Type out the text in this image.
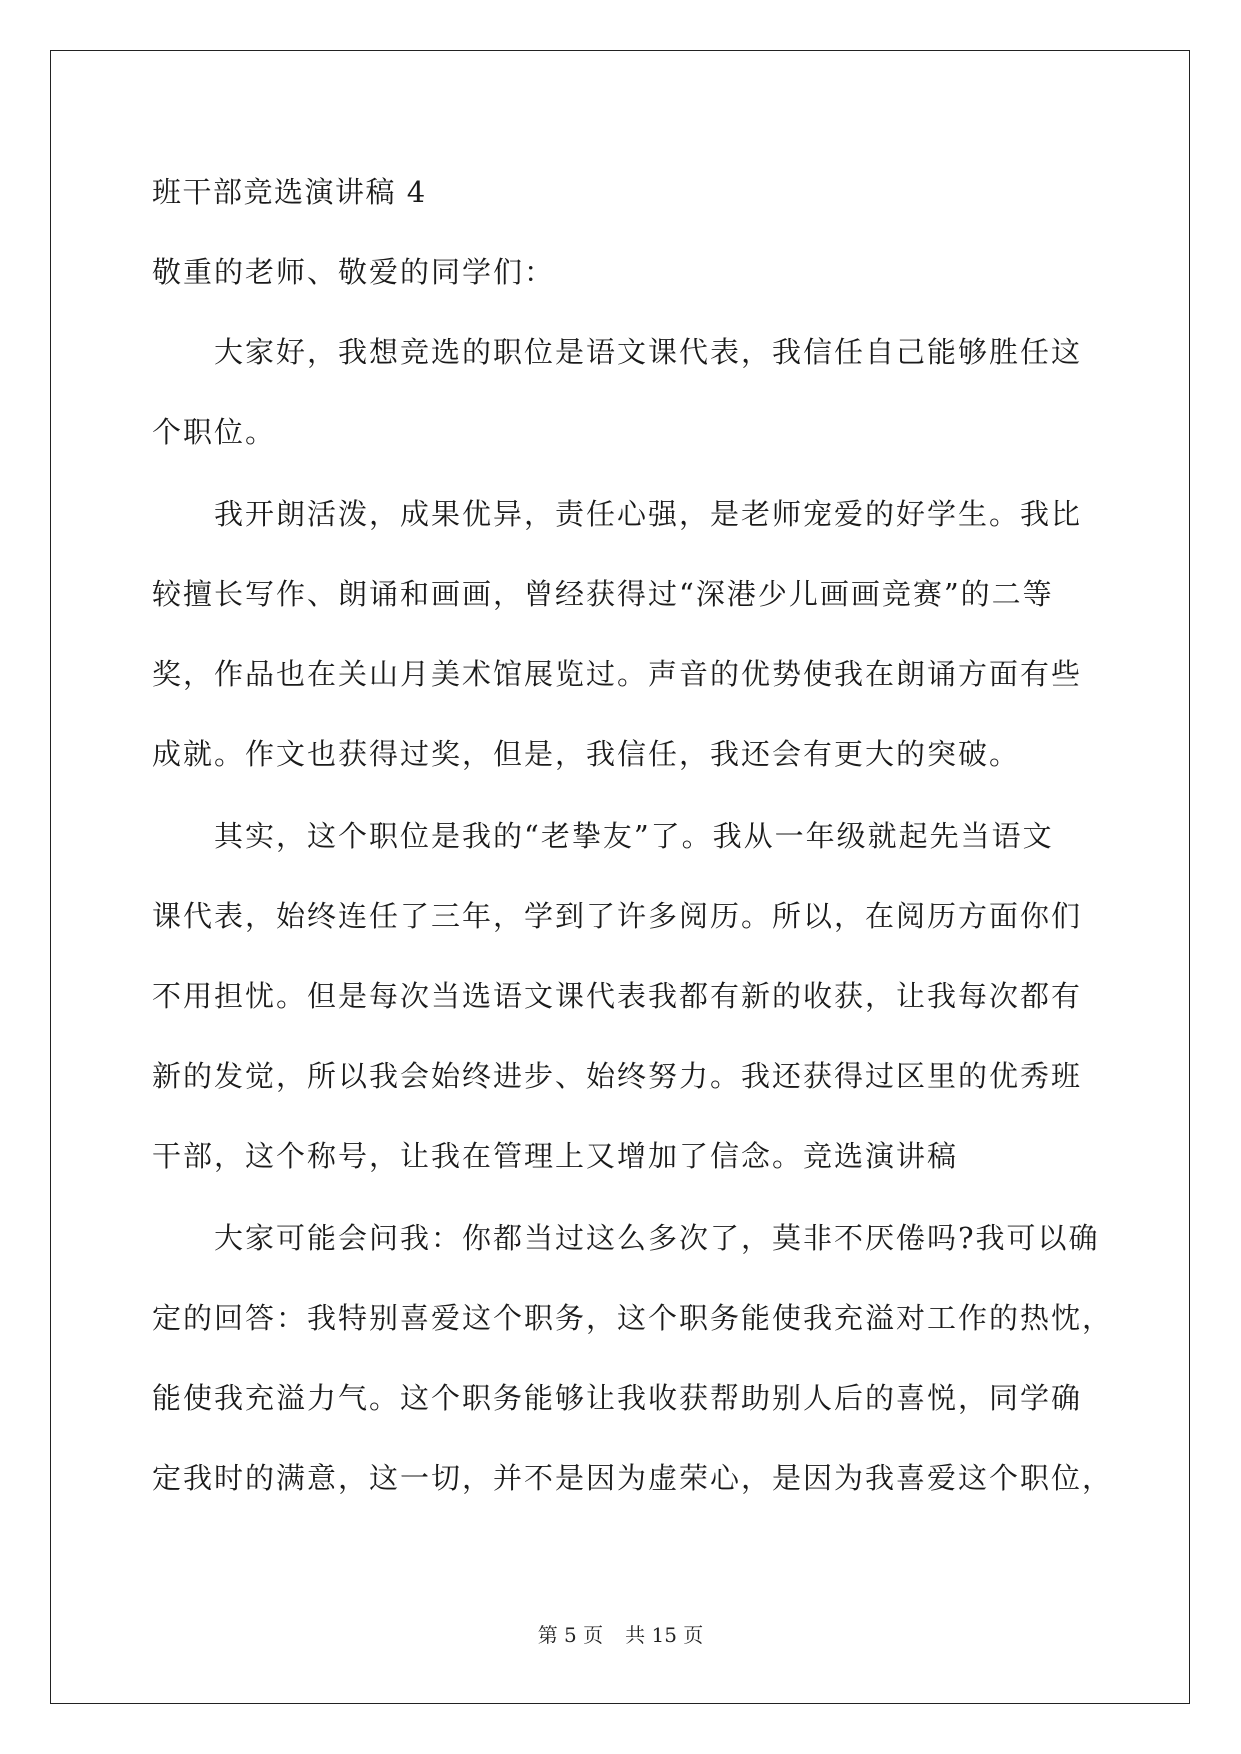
班干部竞选演讲稿 4
敬重的老师、敬爱的同学们：
大家好，我想竞选的职位是语文课代表，我信任自己能够胜任这
个职位。
我开朗活泼，成果优异，责任心强，是老师宠爱的好学生。我比
较擅长写作、朗诵和画画，曾经获得过“深港少儿画画竞赛”的二等
奖，作品也在关山月美术馆展览过。声音的优势使我在朗诵方面有些
成就。作文也获得过奖，但是，我信任，我还会有更大的突破。
其实，这个职位是我的“老挚友”了。我从一年级就起先当语文
课代表，始终连任了三年，学到了许多阅历。所以，在阅历方面你们
不用担忧。但是每次当选语文课代表我都有新的收获，让我每次都有
新的发觉，所以我会始终进步、始终努力。我还获得过区里的优秀班
干部，这个称号，让我在管理上又增加了信念。竞选演讲稿
大家可能会问我：你都当过这么多次了，莫非不厌倦吗?我可以确
定的回答：我特别喜爱这个职务，这个职务能使我充溢对工作的热忱，
能使我充溢力气。这个职务能够让我收获帮助别人后的喜悦，同学确
定我时的满意，这一切，并不是因为虚荣心，是因为我喜爱这个职位，
第 5 页 共 15 页
